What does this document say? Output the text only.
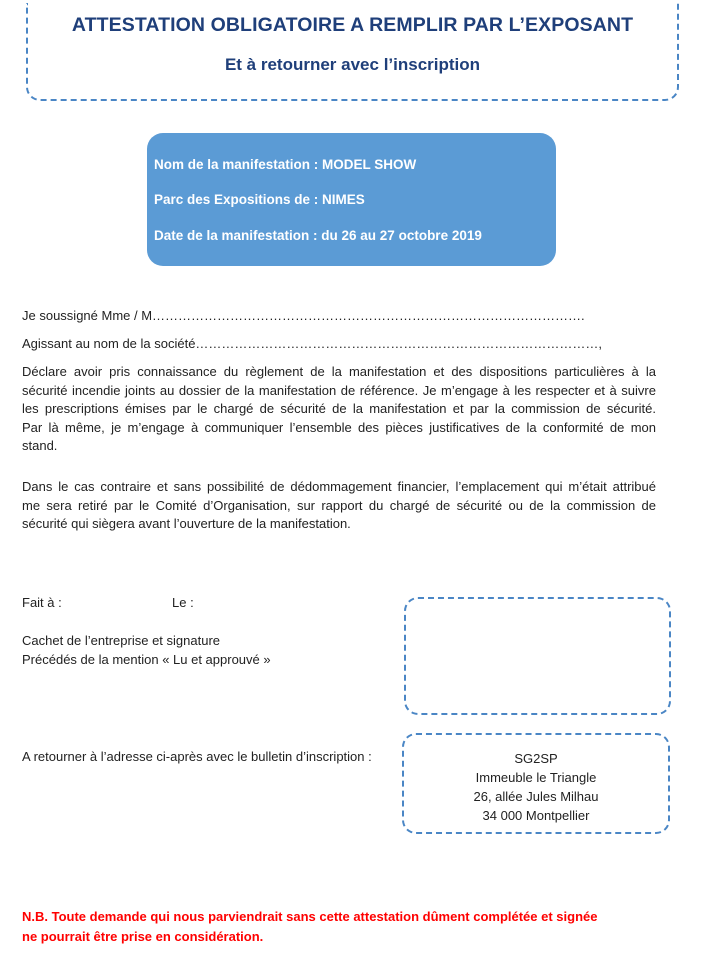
ATTESTATION OBLIGATOIRE A REMPLIR PAR L’EXPOSANT
Et à retourner avec l’inscription
Nom de la manifestation : MODEL SHOW
Parc des Expositions de : NIMES
Date de la manifestation : du 26 au 27 octobre 2019
Je soussigné Mme / M……………………………………………………………………………………….
Agissant au nom de la société…………………………………………………………………………………,
Déclare avoir pris connaissance du règlement de la manifestation et des dispositions particulières à la
sécurité incendie joints au dossier de la manifestation de référence. Je m’engage à les respecter et à suivre
les prescriptions émises par le chargé de sécurité de la manifestation et par la commission de sécurité.
Par là même, je m’engage à communiquer l’ensemble des pièces justificatives de la conformité de mon
stand.
Dans le cas contraire et sans possibilité de dédommagement financier, l’emplacement qui m’était attribué
me sera retiré par le Comité d’Organisation, sur rapport du chargé de sécurité ou de la commission de
sécurité qui siègera avant l’ouverture de la manifestation.
Fait à :	Le :
Cachet de l’entreprise et signature
Précédés de la mention « Lu et approuvé »
A retourner à l’adresse ci-après avec le bulletin d’inscription :	SG2SP
Immeuble le Triangle
26, allée Jules Milhau
34 000 Montpellier
N.B. Toute demande qui nous parviendrait sans cette attestation dûment complétée et signée
ne pourrait être prise en considération.
